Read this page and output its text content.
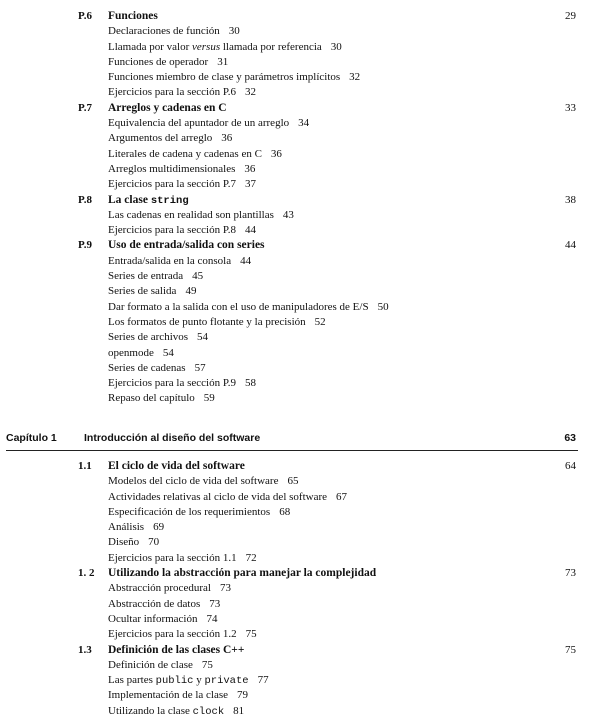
P.6 Funciones	29
Declaraciones de función 30
Llamada por valor versus llamada por referencia 30
Funciones de operador 31
Funciones miembro de clase y parámetros implícitos 32
Ejercicios para la sección P.6 32
P.7 Arreglos y cadenas en C	33
Equivalencia del apuntador de un arreglo 34
Argumentos del arreglo 36
Literales de cadena y cadenas en C 36
Arreglos multidimensionales 36
Ejercicios para la sección P.7 37
P.8 La clase string	38
Las cadenas en realidad son plantillas 43
Ejercicios para la sección P.8 44
P.9 Uso de entrada/salida con series	44
Entrada/salida en la consola 44
Series de entrada 45
Series de salida 49
Dar formato a la salida con el uso de manipuladores de E/S 50
Los formatos de punto flotante y la precisión 52
Series de archivos 54
openmode 54
Series de cadenas 57
Ejercicios para la sección P.9 58
Repaso del capítulo 59
Capítulo 1	Introducción al diseño del software	63
1.1 El ciclo de vida del software	64
Modelos del ciclo de vida del software 65
Actividades relativas al ciclo de vida del software 67
Especificación de los requerimientos 68
Análisis 69
Diseño 70
Ejercicios para la sección 1.1 72
1. 2 Utilizando la abstracción para manejar la complejidad	73
Abstracción procedural 73
Abstracción de datos 73
Ocultar información 74
Ejercicios para la sección 1.2 75
1.3 Definición de las clases C++	75
Definición de clase 75
Las partes public y private 77
Implementación de la clase 79
Utilizando la clase clock 81
